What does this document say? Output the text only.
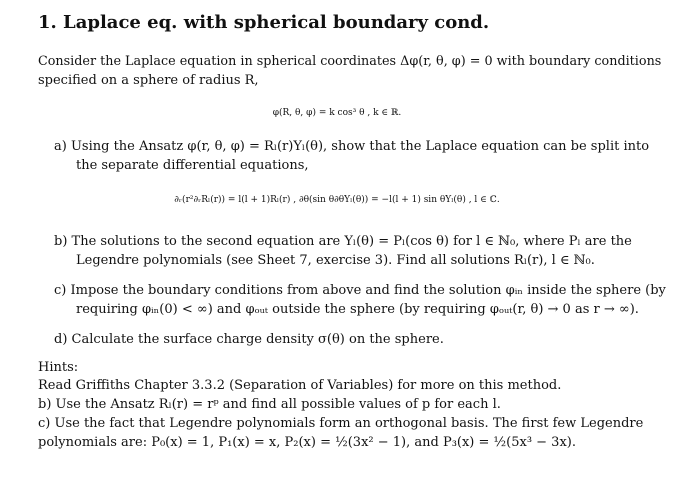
1. Laplace eq. with spherical boundary cond.
Consider the Laplace equation in spherical coordinates Δφ(r, θ, φ) = 0 with boundary conditions
specified on a sphere of radius R,
φ(R, θ, φ) = k cos³ θ , k ∈ ℝ.
a) Using the Ansatz φ(r, θ, φ) = Rₗ(r)Yₗ(θ), show that the Laplace equation can be split into
the separate differential equations,
∂ᵣ(r²∂ᵣRₗ(r)) = l(l + 1)Rₗ(r) , ∂θ(sin θ∂θYₗ(θ)) = −l(l + 1) sin θYₗ(θ) , l ∈ ℂ.
b) The solutions to the second equation are Yₗ(θ) = Pₗ(cos θ) for l ∈ ℕ₀, where Pₗ are the
Legendre polynomials (see Sheet 7, exercise 3). Find all solutions Rₗ(r), l ∈ ℕ₀.
c) Impose the boundary conditions from above and find the solution φᵢₙ inside the sphere (by
requiring φᵢₙ(0) < ∞) and φₒᵤₜ outside the sphere (by requiring φₒᵤₜ(r, θ) → 0 as r → ∞).
d) Calculate the surface charge density σ(θ) on the sphere.
Hints:
Read Griffiths Chapter 3.3.2 (Separation of Variables) for more on this method.
b) Use the Ansatz Rₗ(r) = rᵖ and find all possible values of p for each l.
c) Use the fact that Legendre polynomials form an orthogonal basis. The first few Legendre
polynomials are: P₀(x) = 1, P₁(x) = x, P₂(x) = ½(3x² − 1), and P₃(x) = ½(5x³ − 3x).
